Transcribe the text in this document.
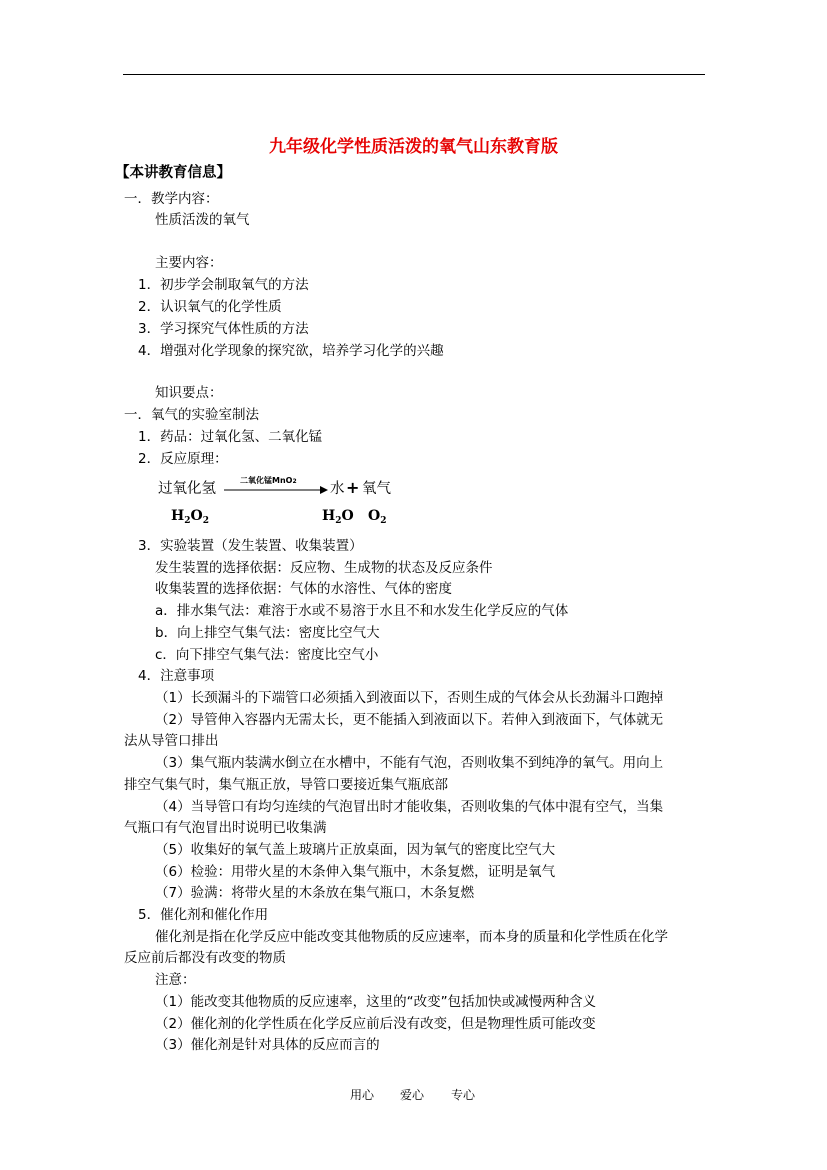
九年级化学性质活泼的氧气山东教育版
【本讲教育信息】
一．教学内容：
性质活泼的氧气
主要内容：
1．初步学会制取氧气的方法
2．认识氧气的化学性质
3．学习探究气体性质的方法
4．增强对化学现象的探究欲，培养学习化学的兴趣
知识要点：
一．氧气的实验室制法
1．药品：过氧化氢、二氧化锰
2．反应原理：
过氧化氢
二氧化锰MnO2 水 + 氧气
$H_2O_2$	$H_2O$ $O_2$
3．实验装置（发生装置、收集装置）
发生装置的选择依据：反应物、生成物的状态及反应条件
收集装置的选择依据：气体的水溶性、气体的密度
a．排水集气法：难溶于水或不易溶于水且不和水发生化学反应的气体
b．向上排空气集气法：密度比空气大
c．向下排空气集气法：密度比空气小
4．注意事项
（1）长颈漏斗的下端管口必须插入到液面以下，否则生成的气体会从长劲漏斗口跑掉
（2）导管伸入容器内无需太长，更不能插入到液面以下。若伸入到液面下，气体就无
法从导管口排出
（3）集气瓶内装满水倒立在水槽中，不能有气泡，否则收集不到纯净的氧气。用向上
排空气集气时，集气瓶正放，导管口要接近集气瓶底部
（4）当导管口有均匀连续的气泡冒出时才能收集，否则收集的气体中混有空气，当集
气瓶口有气泡冒出时说明已收集满
（5）收集好的氧气盖上玻璃片正放桌面，因为氧气的密度比空气大
（6）检验：用带火星的木条伸入集气瓶中，木条复燃，证明是氧气
（7）验满：将带火星的木条放在集气瓶口，木条复燃
5．催化剂和催化作用
催化剂是指在化学反应中能改变其他物质的反应速率，而本身的质量和化学性质在化学
反应前后都没有改变的物质
注意：
（1）能改变其他物质的反应速率，这里的“改变”包括加快或减慢两种含义
（2）催化剂的化学性质在化学反应前后没有改变，但是物理性质可能改变
（3）催化剂是针对具体的反应而言的
用心 爱心 专心
